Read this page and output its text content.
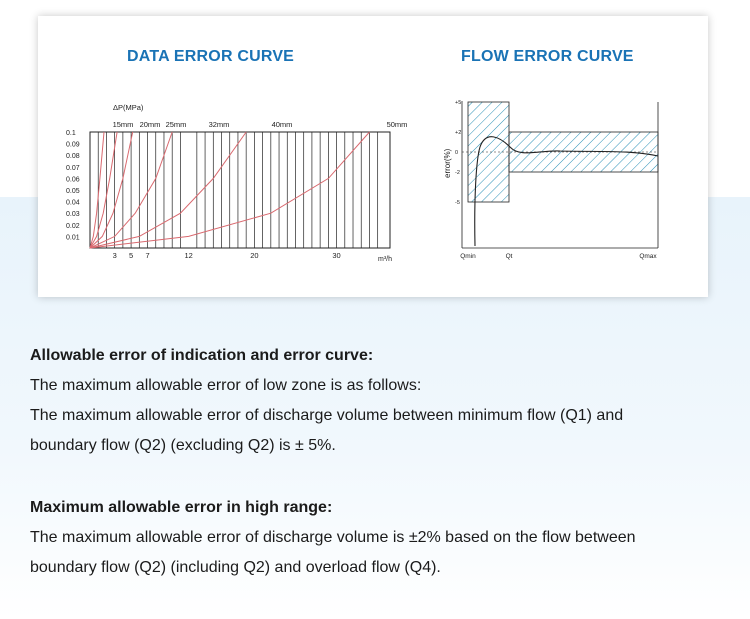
DATA ERROR CURVE	FLOW ERROR CURVE
0.1
0.09
0.08
0.07
0.06
0.05
0.04
0.03
0.02
0.01
3 5 7	12	20	30
ΔP(MPa)
m³/h
15mm 20mm 25mm	32mm	40mm	50mm
+5
+2
0
-2
-5
error(%)
Qmin	Qt	Qmax

Allowable error of indication and error curve:

The maximum allowable error of low zone is as follows:

The maximum allowable error of discharge volume between minimum flow (Q1) and

boundary flow (Q2) (excluding Q2) is ± 5%.

Maximum allowable error in high range:

The maximum allowable error of discharge volume is ±2% based on the flow between

boundary flow (Q2) (including Q2) and overload flow (Q4).
